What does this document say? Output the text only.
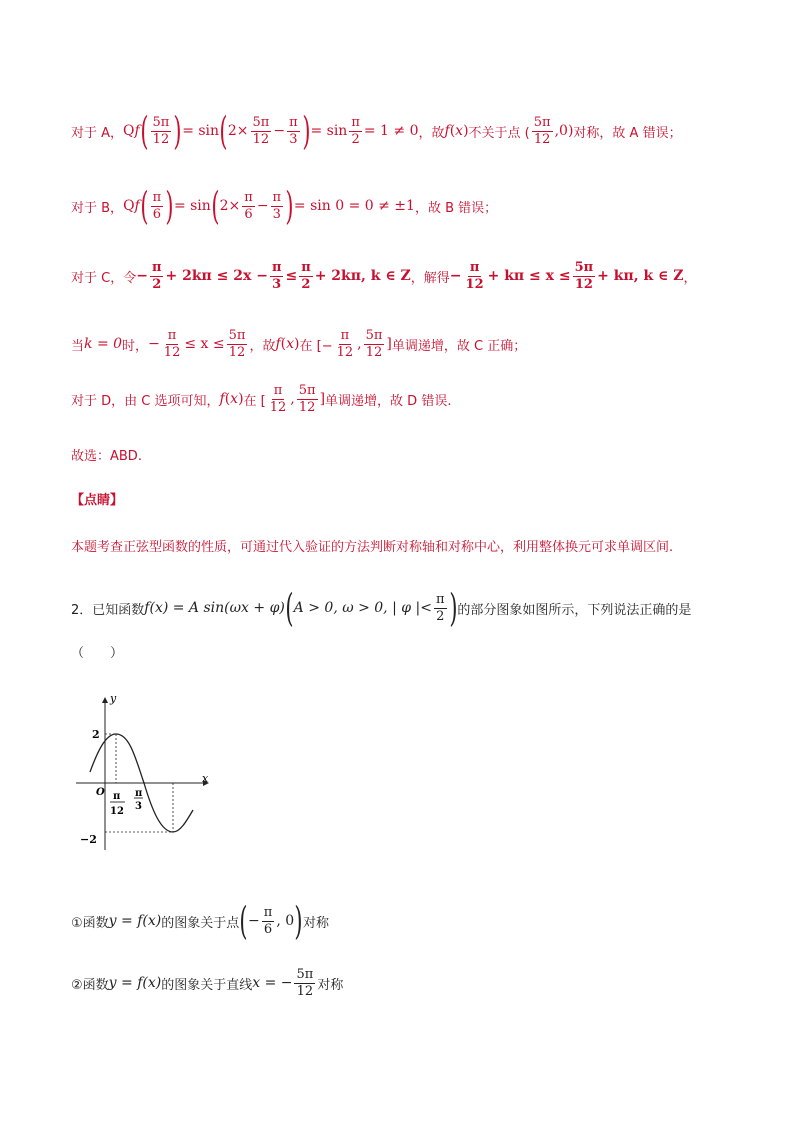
对于 A， Q f ( $\frac{5\pi}{12}$ ) = sin ( $2\times \frac{5\pi}{12} - \frac{\pi}{3}$ ) = $\sin \frac{\pi}{2} = 1 \ne 0$ ，故 f ( x ) 不关于点 ( $\frac{5\pi}{12} ,0$) 对称，故 A 错误；
对于 B， Q f ( $\frac{\pi}{6}$ ) = sin ( $2\times \frac{\pi}{6} - \frac{\pi}{3}$ ) = sin 0 = 0 ≠ ±1 ，故 B 错误；
对于 C，令 − $\frac{\pi}{2} + 2k\pi \le 2x - \frac{\pi}{3} \le \frac{\pi}{2} + 2k\pi$, k ∈ Z ，解得 − $\frac{\pi}{12} + k\pi \le x \le \frac{5\pi}{12} + k\pi$, k ∈ Z ，
当 k = 0 时， − $\frac{\pi}{12} \le x \le \frac{5\pi}{12}$ ，故 f ( x ) 在 [− $\frac{\pi}{12}$ , $\frac{5\pi}{12}$ ] 单调递增，故 C 正确；
对于 D，由 C 选项可知， f ( x ) 在 [ $\frac{\pi}{12}$ , $\frac{5\pi}{12}$ ] 单调递增，故 D 错误.
故选：ABD.
【点睛】
本题考查正弦型函数的性质，可通过代入验证的方法判断对称轴和对称中心，利用整体换元可求单调区间.
2． 已知函数 f(x) = A sin(ωx + φ) ( A > 0, ω > 0, | φ |< $\frac{\pi}{2}$ ) 的部分图象如图所示，下列说法正确的是
（　　）
y
x
O
2
−2
π
12
π
3
①函数 y = f(x) 的图象关于点 ( − $\frac{\pi}{6}$ , 0 ) 对称
②函数 y = f(x) 的图象关于直线 x = − $\frac{5\pi}{12}$ 对称
